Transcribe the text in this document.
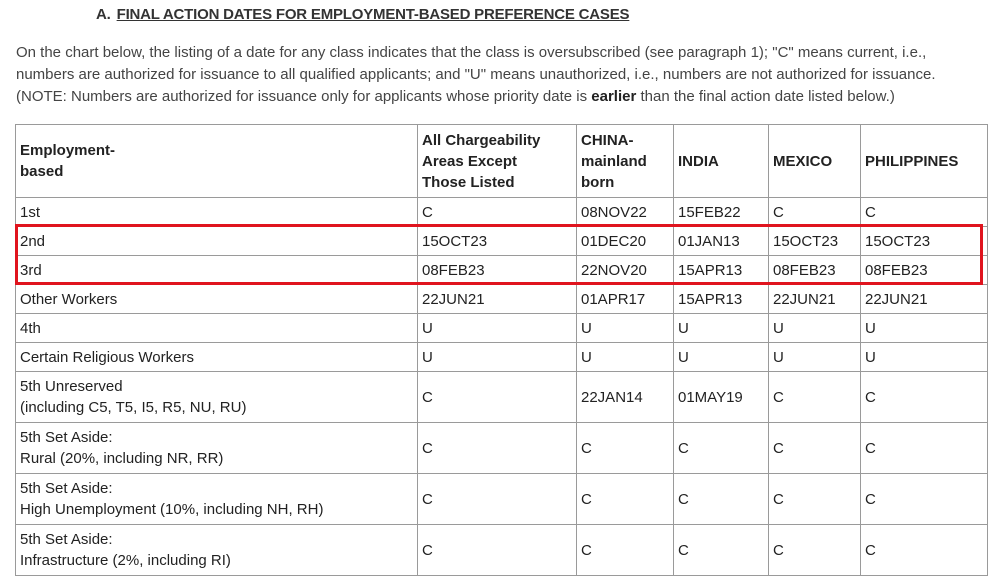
A. FINAL ACTION DATES FOR EMPLOYMENT-BASED PREFERENCE CASES

On the chart below, the listing of a date for any class indicates that the class is oversubscribed (see paragraph 1); "C" means current, i.e., numbers are authorized for issuance to all qualified applicants; and "U" means unauthorized, i.e., numbers are not authorized for issuance. (NOTE: Numbers are authorized for issuance only for applicants whose priority date is earlier than the final action date listed below.)

Employment-
based	All Chargeability
Areas Except
Those Listed	CHINA-
mainland
born	INDIA	MEXICO	PHILIPPINES
1st	C	08NOV22	15FEB22	C	C
2nd	15OCT23	01DEC20	01JAN13	15OCT23	15OCT23
3rd	08FEB23	22NOV20	15APR13	08FEB23	08FEB23
Other Workers	22JUN21	01APR17	15APR13	22JUN21	22JUN21
4th	U	U	U	U	U
Certain Religious Workers	U	U	U	U	U
5th Unreserved
(including C5, T5, I5, R5, NU, RU)	C	22JAN14	01MAY19	C	C
5th Set Aside:
Rural (20%, including NR, RR)	C	C	C	C	C
5th Set Aside:
High Unemployment (10%, including NH, RH)	C	C	C	C	C
5th Set Aside:
Infrastructure (2%, including RI)	C	C	C	C	C
